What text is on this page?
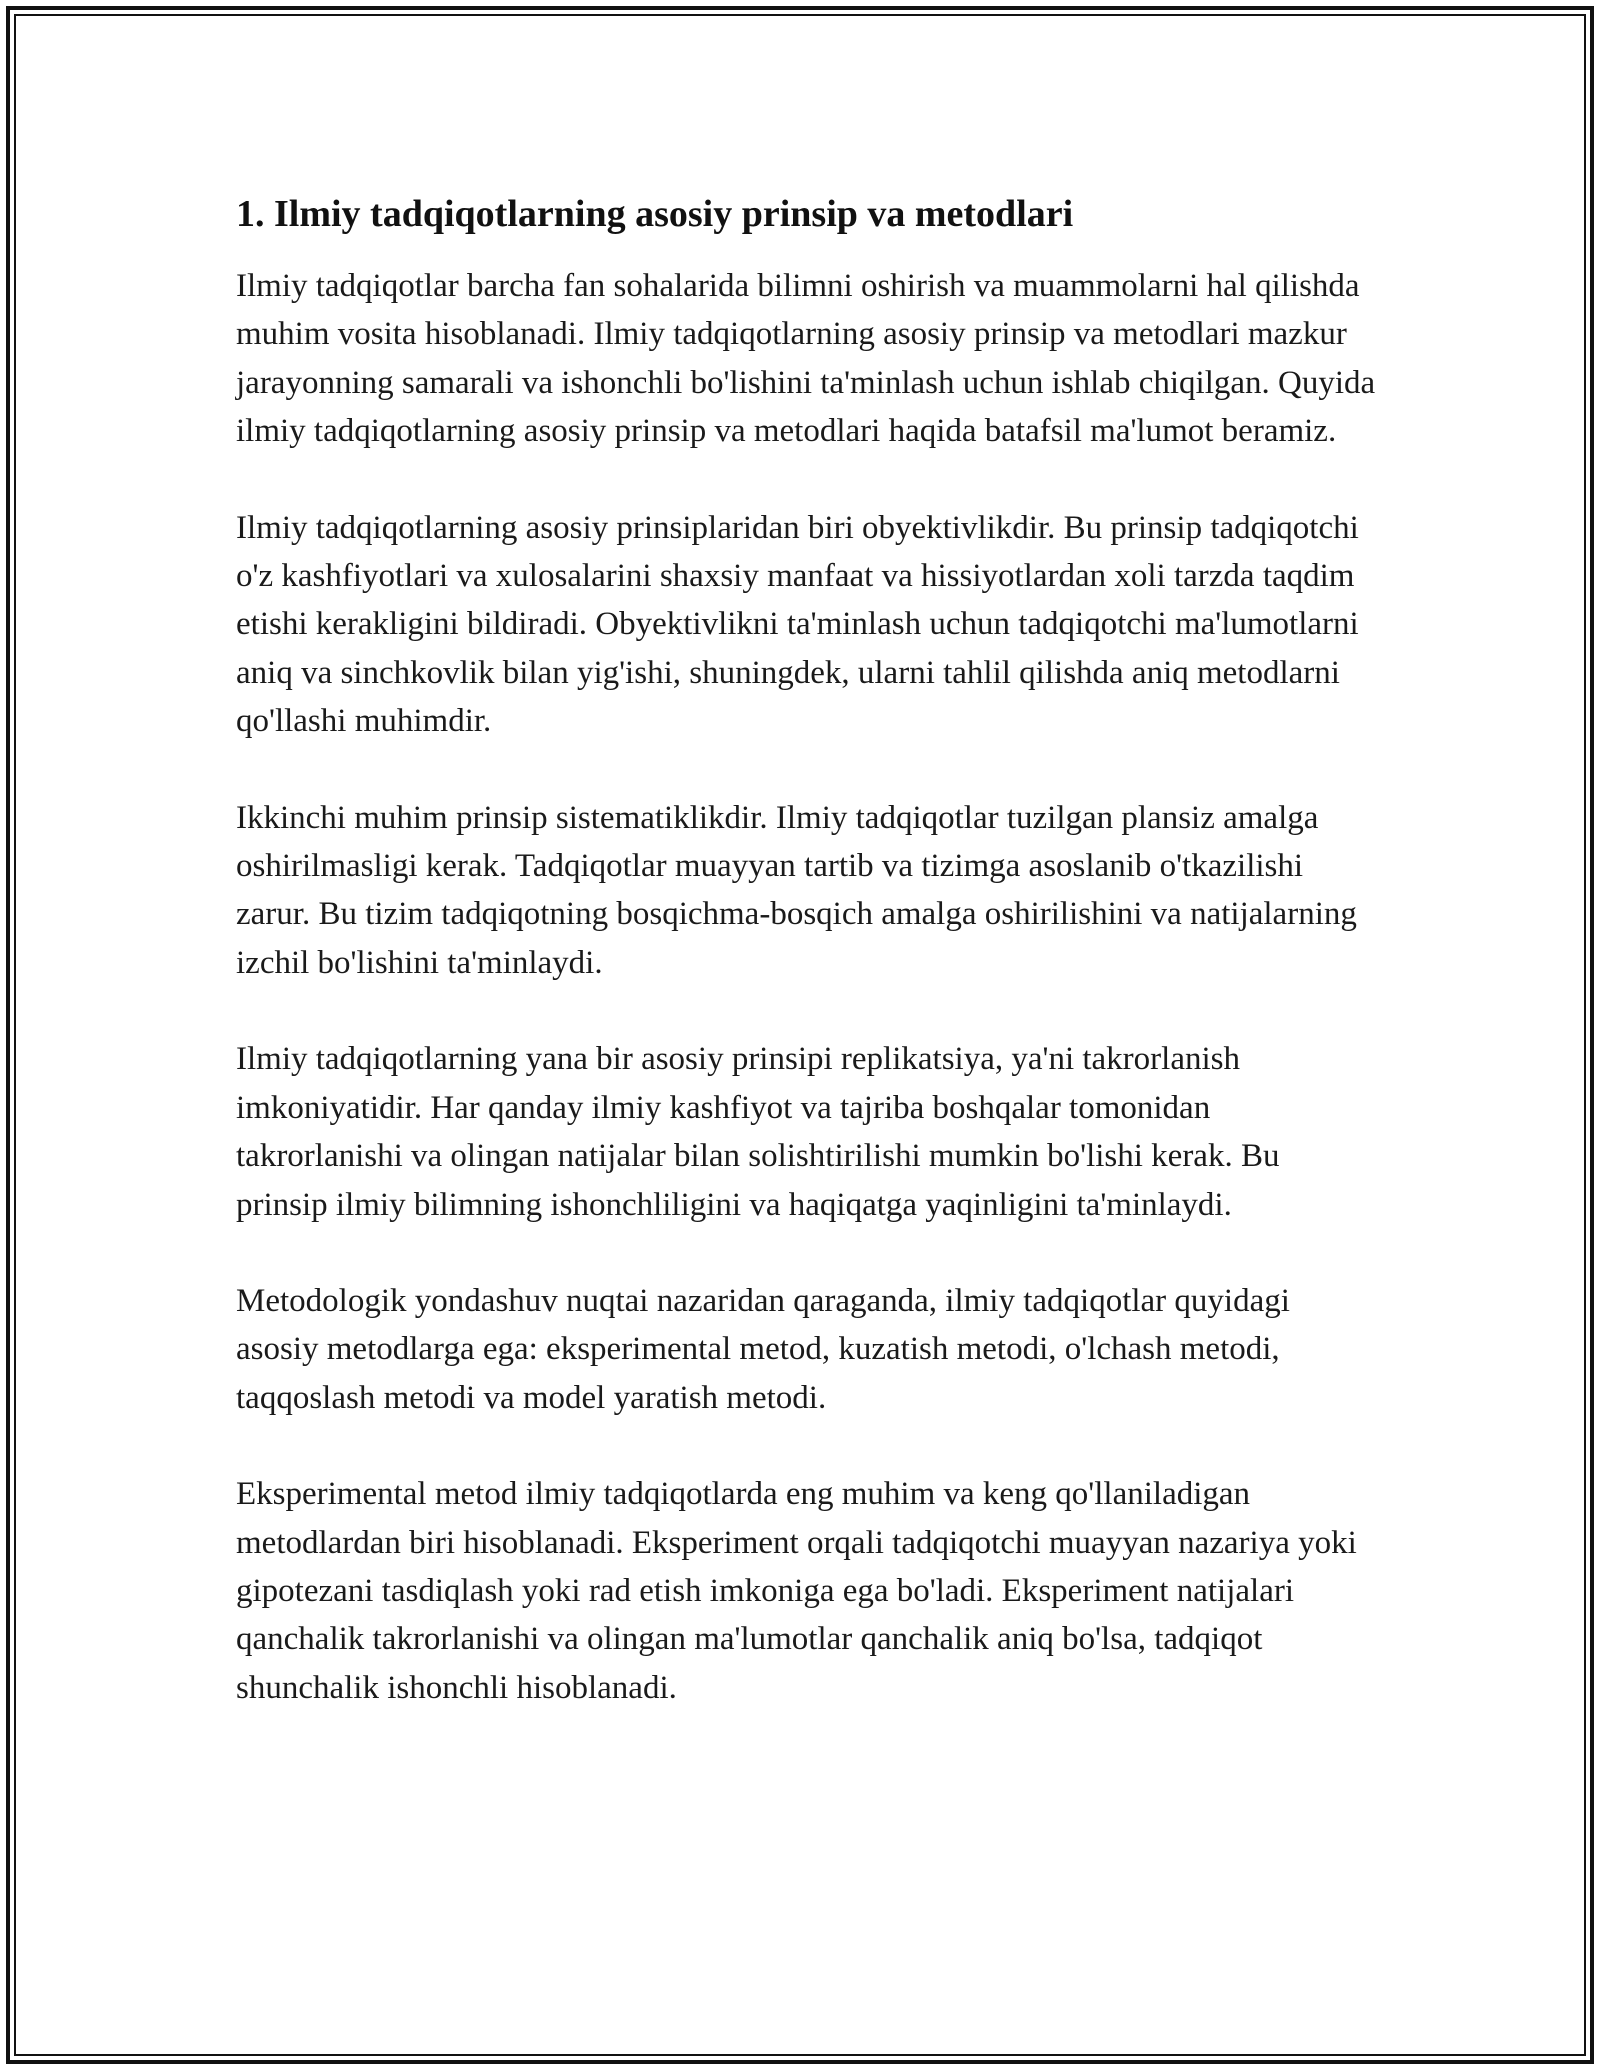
1. Ilmiy tadqiqotlarning asosiy prinsip va metodlari

Ilmiy tadqiqotlar barcha fan sohalarida bilimni oshirish va muammolarni hal qilishda muhim vosita hisoblanadi. Ilmiy tadqiqotlarning asosiy prinsip va metodlari mazkur jarayonning samarali va ishonchli bo'lishini ta'minlash uchun ishlab chiqilgan. Quyida ilmiy tadqiqotlarning asosiy prinsip va metodlari haqida batafsil ma'lumot beramiz.

Ilmiy tadqiqotlarning asosiy prinsiplaridan biri obyektivlikdir. Bu prinsip tadqiqotchi o'z kashfiyotlari va xulosalarini shaxsiy manfaat va hissiyotlardan xoli tarzda taqdim etishi kerakligini bildiradi. Obyektivlikni ta'minlash uchun tadqiqotchi ma'lumotlarni aniq va sinchkovlik bilan yig'ishi, shuningdek, ularni tahlil qilishda aniq metodlarni qo'llashi muhimdir.

Ikkinchi muhim prinsip sistematiklikdir. Ilmiy tadqiqotlar tuzilgan plansiz amalga oshirilmasligi kerak. Tadqiqotlar muayyan tartib va tizimga asoslanib o'tkazilishi zarur. Bu tizim tadqiqotning bosqichma-bosqich amalga oshirilishini va natijalarning izchil bo'lishini ta'minlaydi.

Ilmiy tadqiqotlarning yana bir asosiy prinsipi replikatsiya, ya'ni takrorlanish imkoniyatidir. Har qanday ilmiy kashfiyot va tajriba boshqalar tomonidan takrorlanishi va olingan natijalar bilan solishtirilishi mumkin bo'lishi kerak. Bu prinsip ilmiy bilimning ishonchliligini va haqiqatga yaqinligini ta'minlaydi.

Metodologik yondashuv nuqtai nazaridan qaraganda, ilmiy tadqiqotlar quyidagi asosiy metodlarga ega: eksperimental metod, kuzatish metodi, o'lchash metodi, taqqoslash metodi va model yaratish metodi.

Eksperimental metod ilmiy tadqiqotlarda eng muhim va keng qo'llaniladigan metodlardan biri hisoblanadi. Eksperiment orqali tadqiqotchi muayyan nazariya yoki gipotezani tasdiqlash yoki rad etish imkoniga ega bo'ladi. Eksperiment natijalari qanchalik takrorlanishi va olingan ma'lumotlar qanchalik aniq bo'lsa, tadqiqot shunchalik ishonchli hisoblanadi.
